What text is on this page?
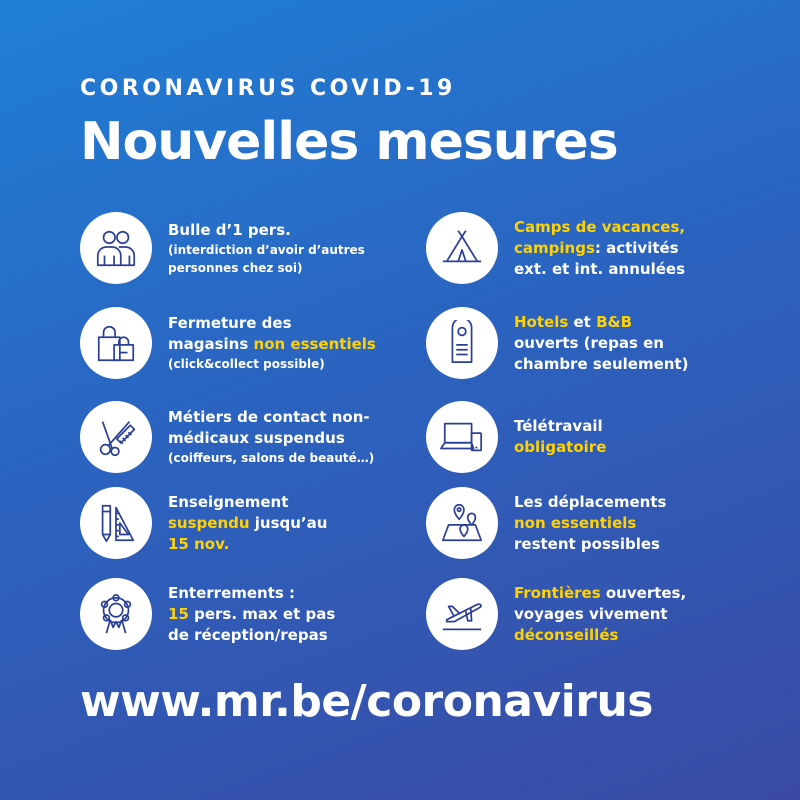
CORONAVIRUS COVID-19
Nouvelles mesures
Bulle d’1 pers.
(interdiction d’avoir d’autres
personnes chez soi)
Fermeture des
magasins non essentiels
(click&collect possible)
Métiers de contact non-
médicaux suspendus
(coiffeurs, salons de beauté…)
Enseignement
suspendu jusqu’au
15 nov.
Enterrements :
15 pers. max et pas
de réception/repas
Camps de vacances,
campings: activités
ext. et int. annulées
Hotels et B&B
ouverts (repas en
chambre seulement)
Télétravail
obligatoire
Les déplacements
non essentiels
restent possibles
Frontières ouvertes,
voyages vivement
déconseillés
www.mr.be/coronavirus
